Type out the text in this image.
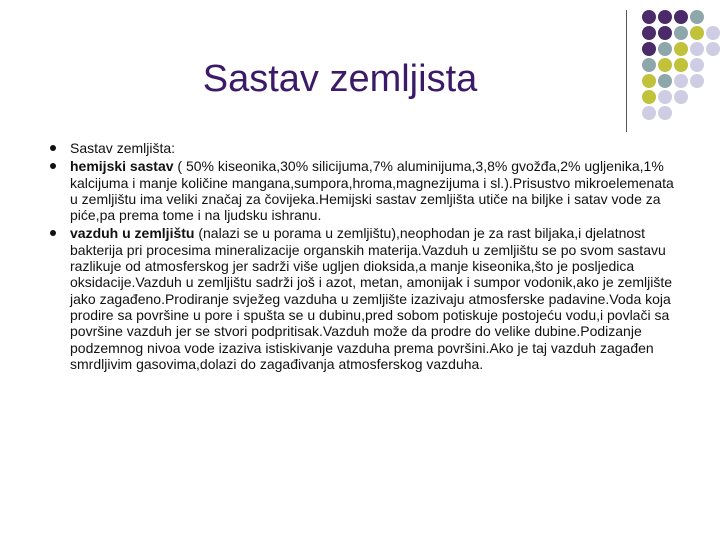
Sastav zemljista
Sastav zemljišta:
hemijski sastav ( 50% kiseonika,30% silicijuma,7% aluminijuma,3,8% gvožđa,2% ugljenika,1% kalcijuma i manje količine mangana,sumpora,hroma,magnezijuma i sl.).Prisustvo mikroelemenata u zemljištu ima veliki značaj za čovijeka.Hemijski sastav zemljišta utiče na biljke i satav vode za piće,pa prema tome i na ljudsku ishranu.
vazduh u zemljištu (nalazi se u porama u zemljištu),neophodan je za rast biljaka,i djelatnost bakterija pri procesima mineralizacije organskih materija.Vazduh u zemljištu se po svom sastavu razlikuje od atmosferskog jer sadrži više ugljen dioksida,a manje kiseonika,što je posljedica oksidacije.Vazduh u zemljištu sadrži još i azot, metan, amonijak i sumpor vodonik,ako je zemljište jako zagađeno.Prodiranje svježeg vazduha u zemljište izazivaju atmosferske padavine.Voda koja prodire sa površine u pore i spušta se u dubinu,pred sobom potiskuje postojeću vodu,i povlači sa površine vazduh jer se stvori podpritisak.Vazduh može da prodre do velike dubine.Podizanje podzemnog nivoa vode izaziva istiskivanje vazduha prema površini.Ako je taj vazduh zagađen smrdljivim gasovima,dolazi do zagađivanja atmosferskog vazduha.
